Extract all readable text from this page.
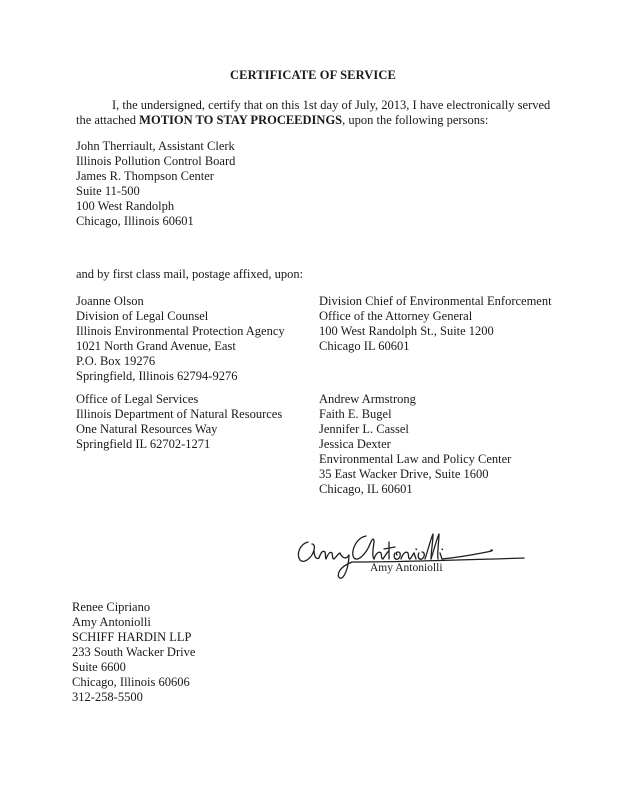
CERTIFICATE OF SERVICE
I, the undersigned, certify that on this 1st day of July, 2013, I have electronically served the attached MOTION TO STAY PROCEEDINGS, upon the following persons:
John Therriault, Assistant Clerk
Illinois Pollution Control Board
James R. Thompson Center
Suite 11-500
100 West Randolph
Chicago, Illinois 60601
and by first class mail, postage affixed, upon:
Joanne Olson
Division of Legal Counsel
Illinois Environmental Protection Agency
1021 North Grand Avenue, East
P.O. Box 19276
Springfield, Illinois 62794-9276
Division Chief of Environmental Enforcement
Office of the Attorney General
100 West Randolph St., Suite 1200
Chicago IL 60601
Office of Legal Services
Illinois Department of Natural Resources
One Natural Resources Way
Springfield IL 62702-1271
Andrew Armstrong
Faith E. Bugel
Jennifer L. Cassel
Jessica Dexter
Environmental Law and Policy Center
35 East Wacker Drive, Suite 1600
Chicago, IL 60601
Amy Antoniolli
Renee Cipriano
Amy Antoniolli
SCHIFF HARDIN LLP
233 South Wacker Drive
Suite 6600
Chicago, Illinois 60606
312-258-5500
